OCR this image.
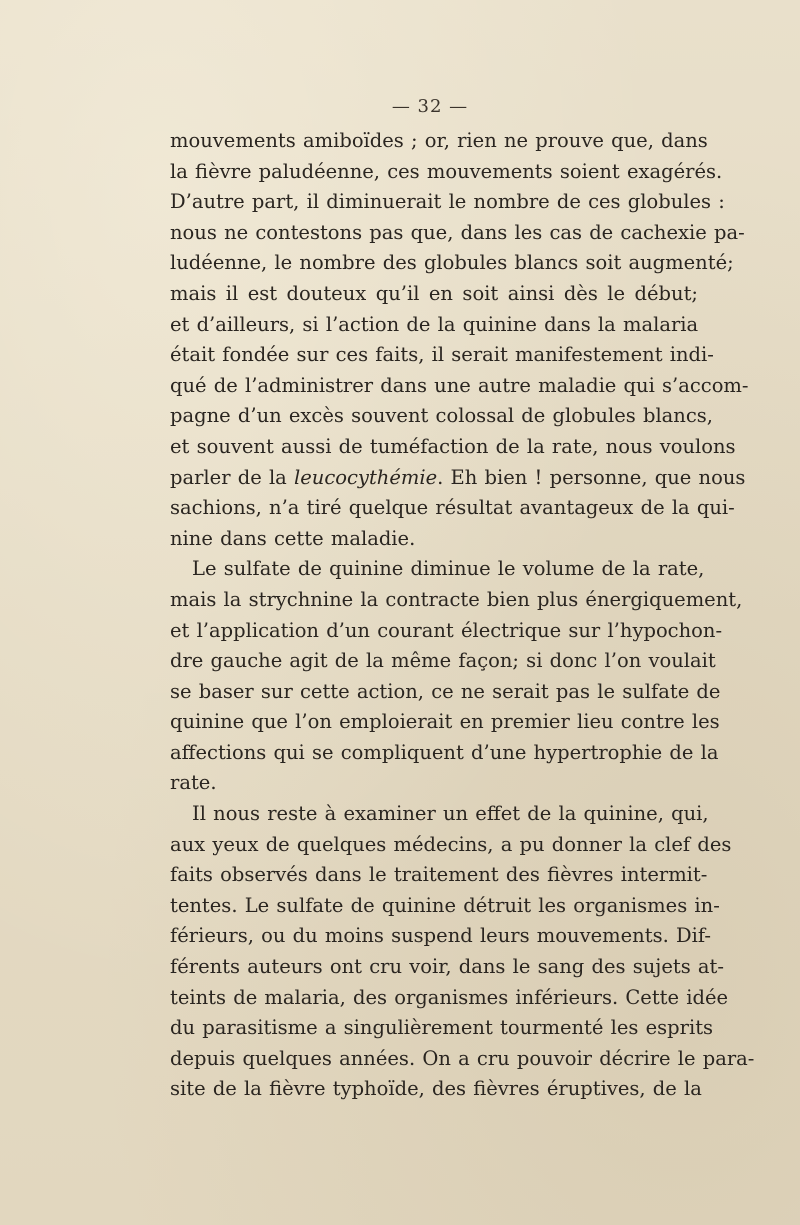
— 32 —
mouvements amiboïdes ; or, rien ne prouve que, dans
la fièvre paludéenne, ces mouvements soient exagérés.
D’autre part, il diminuerait le nombre de ces globules :
nous ne contestons pas que, dans les cas de cachexie pa-
ludéenne, le nombre des globules blancs soit augmenté;
mais il est douteux qu’il en soit ainsi dès le début;
et d’ailleurs, si l’action de la quinine dans la malaria
était fondée sur ces faits, il serait manifestement indi-
qué de l’administrer dans une autre maladie qui s’accom-
pagne d’un excès souvent colossal de globules blancs,
et souvent aussi de tuméfaction de la rate, nous voulons
parler de la leucocythémie. Eh bien ! personne, que nous
sachions, n’a tiré quelque résultat avantageux de la qui-
nine dans cette maladie.
Le sulfate de quinine diminue le volume de la rate,
mais la strychnine la contracte bien plus énergiquement,
et l’application d’un courant électrique sur l’hypochon-
dre gauche agit de la même façon; si donc l’on voulait
se baser sur cette action, ce ne serait pas le sulfate de
quinine que l’on emploierait en premier lieu contre les
affections qui se compliquent d’une hypertrophie de la
rate.
Il nous reste à examiner un effet de la quinine, qui,
aux yeux de quelques médecins, a pu donner la clef des
faits observés dans le traitement des fièvres intermit-
tentes. Le sulfate de quinine détruit les organismes in-
férieurs, ou du moins suspend leurs mouvements. Dif-
férents auteurs ont cru voir, dans le sang des sujets at-
teints de malaria, des organismes inférieurs. Cette idée
du parasitisme a singulièrement tourmenté les esprits
depuis quelques années. On a cru pouvoir décrire le para-
site de la fièvre typhoïde, des fièvres éruptives, de la
